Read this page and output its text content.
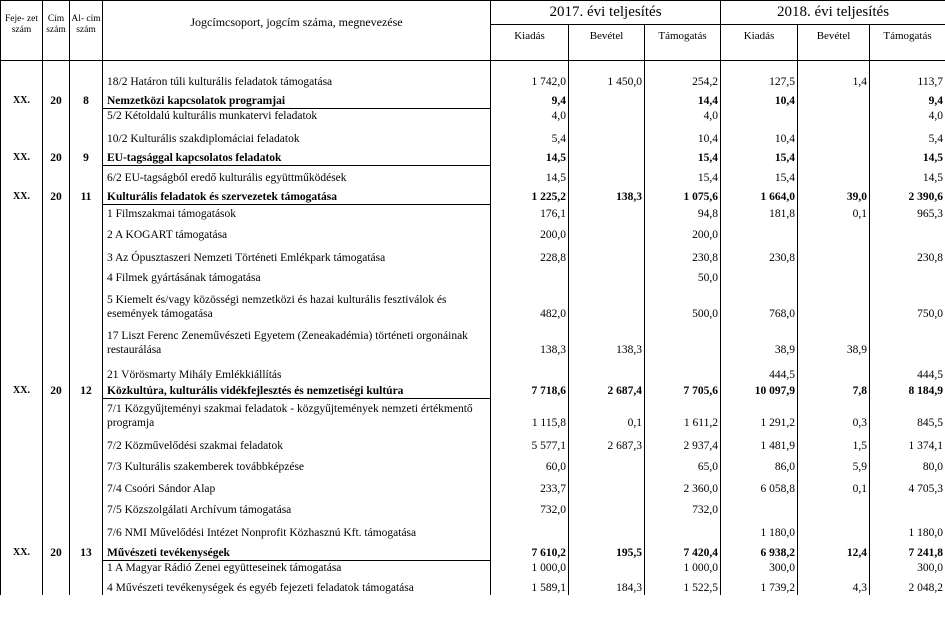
Feje- zet szám	Cím szám	Al- cím szám	Jogcímcsoport, jogcím száma, megnevezése	2017. évi teljesítés			2018. évi teljesítés		
				Kiadás	Bevétel	Támogatás	Kiadás	Bevétel	Támogatás

			18/2 Határon túli kulturális feladatok támogatása	1 742,0	1 450,0	254,2	127,5	1,4	113,7
XX.	20	8	Nemzetközi kapcsolatok programjai	9,4		14,4	10,4		9,4
			5/2 Kétoldalú kulturális munkatervi feladatok	4,0		4,0			4,0
			10/2 Kulturális szakdiplomáciai feladatok	5,4		10,4	10,4		5,4
XX.	20	9	EU-tagsággal kapcsolatos feladatok	14,5		15,4	15,4		14,5
			6/2 EU-tagságból eredő kulturális együttműködések	14,5		15,4	15,4		14,5
XX.	20	11	Kulturális feladatok és szervezetek támogatása	1 225,2	138,3	1 075,6	1 664,0	39,0	2 390,6
			1 Filmszakmai támogatások	176,1		94,8	181,8	0,1	965,3
			2 A KOGART támogatása	200,0		200,0			
			3 Az Ópusztaszeri Nemzeti Történeti Emlékpark támogatása	228,8		230,8	230,8		230,8
			4 Filmek gyártásának támogatása			50,0			
			5 Kiemelt és/vagy közösségi nemzetközi és hazai kulturális fesztiválok és események támogatása	482,0		500,0	768,0		750,0
			17 Liszt Ferenc Zeneművészeti Egyetem (Zeneakadémia) történeti orgonáinak restaurálása	138,3	138,3		38,9	38,9	
			21 Vörösmarty Mihály Emlékkiállítás				444,5		444,5
XX.	20	12	Közkultúra, kulturális vidékfejlesztés és nemzetiségi kultúra	7 718,6	2 687,4	7 705,6	10 097,9	7,8	8 184,9
			7/1 Közgyűjteményi szakmai feladatok - közgyűjtemények nemzeti értékmentő programja	1 115,8	0,1	1 611,2	1 291,2	0,3	845,5
			7/2 Közművelődési szakmai feladatok	5 577,1	2 687,3	2 937,4	1 481,9	1,5	1 374,1
			7/3 Kulturális szakemberek továbbképzése	60,0		65,0	86,0	5,9	80,0
			7/4 Csoóri Sándor Alap	233,7		2 360,0	6 058,8	0,1	4 705,3
			7/5 Közszolgálati Archívum támogatása	732,0		732,0			
			7/6 NMI Művelődési Intézet Nonprofit Közhasznú Kft. támogatása				1 180,0		1 180,0
XX.	20	13	Művészeti tevékenységek	7 610,2	195,5	7 420,4	6 938,2	12,4	7 241,8
			1 A Magyar Rádió Zenei együtteseinek támogatása	1 000,0		1 000,0	300,0		300,0
			4 Művészeti tevékenységek és egyéb fejezeti feladatok támogatása	1 589,1	184,3	1 522,5	1 739,2	4,3	2 048,2
